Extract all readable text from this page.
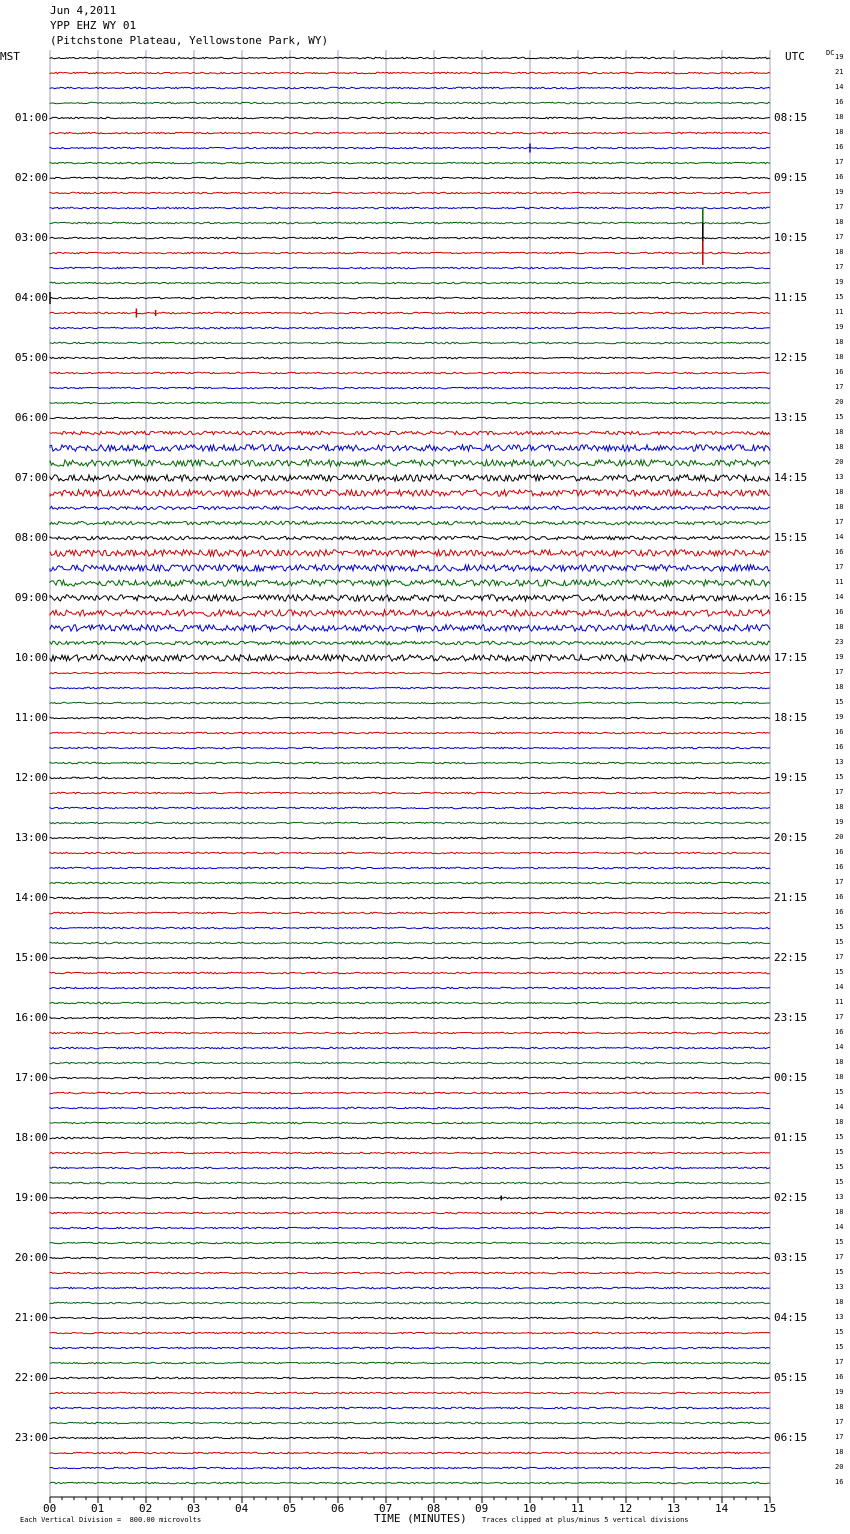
Jun 4,2011
YPP EHZ WY 01
(Pitchstone Plateau, Yellowstone Park, WY)
MST	UTC	DC
00	01	02	03	04	05	06	07	08	09	10	11	12	13	14	15
01:00
02:00
03:00
04:00
05:00
06:00
07:00
08:00
09:00
10:00
11:00
12:00
13:00
14:00
15:00
16:00
17:00
18:00
19:00
20:00
21:00
22:00
23:00
08:15
09:15
10:15
11:15
12:15
13:15
14:15
15:15
16:15
17:15
18:15
19:15
20:15
21:15
22:15
23:15
00:15
01:15
02:15
03:15
04:15
05:15
06:15
19
21
14
16
18
18
16
17
16
19
17
18
17
18
17
19
15
11
19
18
18
16
17
20
15
18
18
20
13
18
18
17
14
16
17
11
14
16
18
23
19
17
18
15
19
16
16
13
15
17
18
19
20
16
16
17
16
16
15
15
17
15
14
11
17
16
14
18
18
15
14
18
15
15
15
15
13
18
14
15
17
15
13
18
13
15
15
17
16
19
18
17
17
18
20
16
Each Vertical Division =  800.00 microvolts	TIME (MINUTES) Traces clipped at plus/minus 5 vertical divisions
